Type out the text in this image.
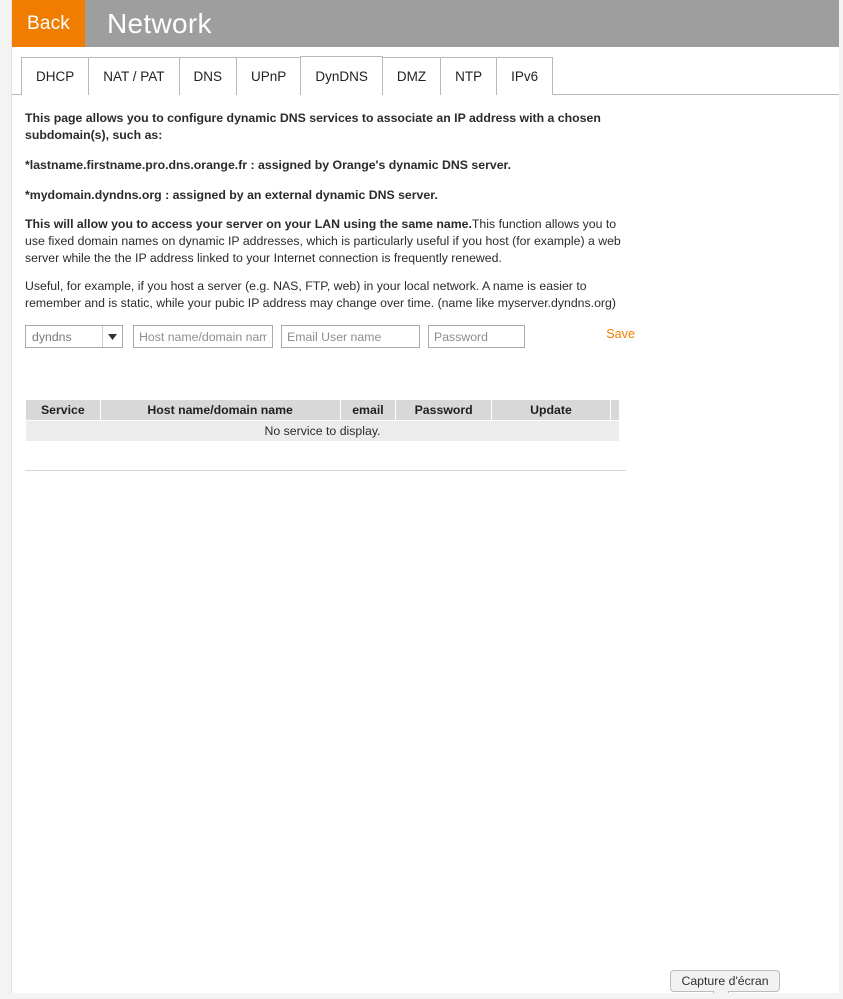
Back	Network
DHCP	NAT / PAT	DNS	UPnP	DynDNS	DMZ	NTP	IPv6

This page allows you to configure dynamic DNS services to associate an IP address with a chosen subdomain(s), such as:

*lastname.firstname.pro.dns.orange.fr : assigned by Orange's dynamic DNS server.

*mydomain.dyndns.org : assigned by an external dynamic DNS server.

This will allow you to access your server on your LAN using the same name.This function allows you to use fixed domain names on dynamic IP addresses, which is particularly useful if you host (for example) a web server while the the IP address linked to your Internet connection is frequently renewed.

Useful, for example, if you host a server (e.g. NAS, FTP, web) in your local network. A name is easier to remember and is static, while your pubic IP address may change over time. (name like myserver.dyndns.org)

dyndns
Host name/domain name
Email User name
Password	Save
Service	Host name/domain name	email	Password	Update	
No service to display.
Capture d'écran
